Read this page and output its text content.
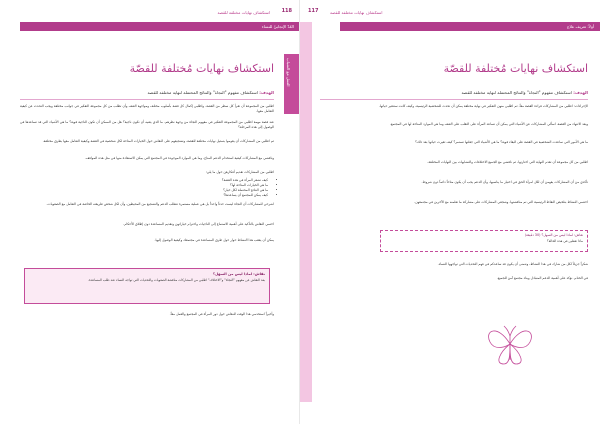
استكشاف نهايات مختلفة للقصة 118
العُدّ الإنجابيّ للنساء
العمل مع الشباب
استكشاف نهايات مُختلفة للقصّة
الهدف: استكشاف مفهوم "النجاة" والنتائج المحتملة لنهاية مختلفة للقصة
اطلبي من المجموعة أن تقرأ كل سطر من القصة. واطلبي إكمال كل قصة بأسلوب مختلف ومواجهة العنف وأن تطلب من كل مجموعة التفكير في جوانب مختلفة ويجب التحدث عن كيفية التعامل معها.
عند قصة مهمة اطلبي من المجموعة التفكير في مفهوم النجاة من وجهة نظرهم. ما الذي يعنيه أن تكون ناجية؟ هل من الممكن أن تكون الناجية قوية؟ ما هي الأشياء التي قد تساعدها في الوصول إلى هذه المرحلة؟
ثم اطلبي من المشاركات أن يقوموا بتمثيل نهايات مختلفة للقصة، وتشجيعهم على النقاش حول الخيارات المتاحة لكل شخصية في القصة وكيفية التعامل معها بطرق مختلفة.
وناقشي مع المشاركات كيفية استخدام الدعم المتاح، وما هي الموارد الموجودة في المجتمع التي يمكن الاستفادة منها في مثل هذه المواقف.
اطلبي من المشاركات تقديم أفكارهن حول ما يلي:
• كيف تشعر المرأة في هذه القصة؟
• ما هي الخيارات المتاحة لها؟
• ما هي النتائج المحتملة لكل خيار؟
• كيف يمكن للمجتمع أن يساعدها؟
اشرحي للمشاركات أن النجاة ليست حدثاً واحداً بل هي عملية مستمرة تتطلب الدعم والتشجيع من المحيطين، وأن لكل شخص طريقته الخاصة في التعامل مع الصعوبات.
اختمي النقاش بالتأكيد على أهمية الاستماع إلى الناجيات واحترام خياراتهن وتقديم المساعدة دون إطلاق الأحكام.
يمكن أن يعقب هذا النشاط حوار حول طرق المساعدة في مجتمعك وكيفية الوصول إليها.
نقاش: لماذا ليس من السهل؟
بعد النقاش عن مفهوم "النجاة" و"الاختلاف" اطلبي من المشاركات مناقشة الصعوبات والتحديات التي تواجه النساء عند طلب المساعدة.
وأخيراً استخدمي هذا الوقت للنقاش حول دور المرأة في المجتمع والعمل معاً.
117	استكشاف نهايات مختلفة للقصة
أولاً: تعريف علاج
استكشاف نهايات مُختلفة للقصّة
الهدف: استكشاف مفهوم "النجاة" والنتائج المحتملة لنهاية مختلفة للقصة
الإجراءات: اطلبي من المشاركات قراءة القصة معاً، ثم اطلبي منهن التفكير في نهاية مختلفة يمكن أن تحدث للشخصية الرئيسية، وكيف كانت ستتغير حياتها.
وبعد الانتهاء من القصة، اسألي المشاركات عن الأشياء التي يمكن أن تساعد المرأة على التغلب على العنف وما هي الموارد المتاحة لها في المجتمع.
ما هي الأمور التي ساعدت الشخصية في القصة على البقاء قوية؟ ما هي الأشياء التي جعلتها تستمر؟ كيف تغيرت حياتها بعد ذلك؟
اطلبي من كل مجموعة أن تقدم النهاية التي اختارتها، ثم ناقشي مع الجميع الاختلافات والتشابهات بين النهايات المختلفة.
تأكدي من أن المشاركات يفهمن أن لكل امرأة الحق في اختيار ما يناسبها، وأن الدعم يجب أن يكون متاحاً دائماً دون شروط.
اختتمي النشاط بتلخيص النقاط الرئيسية التي تم مناقشتها، وشجعي المشاركات على مشاركة ما تعلمنه مع الآخرين في مجتمعهن.
نقاش: لماذا ليس من السهل؟ (30 دقيقة)
ماذا تفعلين في هذه الحالة؟
شكراً جزيلاً لكل من شارك في هذا النشاط، ونتمنى أن يكون قد ساعدكم في فهم التحديات التي تواجهها النساء.
في الختام، نؤكد على أهمية الدعم المتبادل وبناء مجتمع آمن للجميع.
